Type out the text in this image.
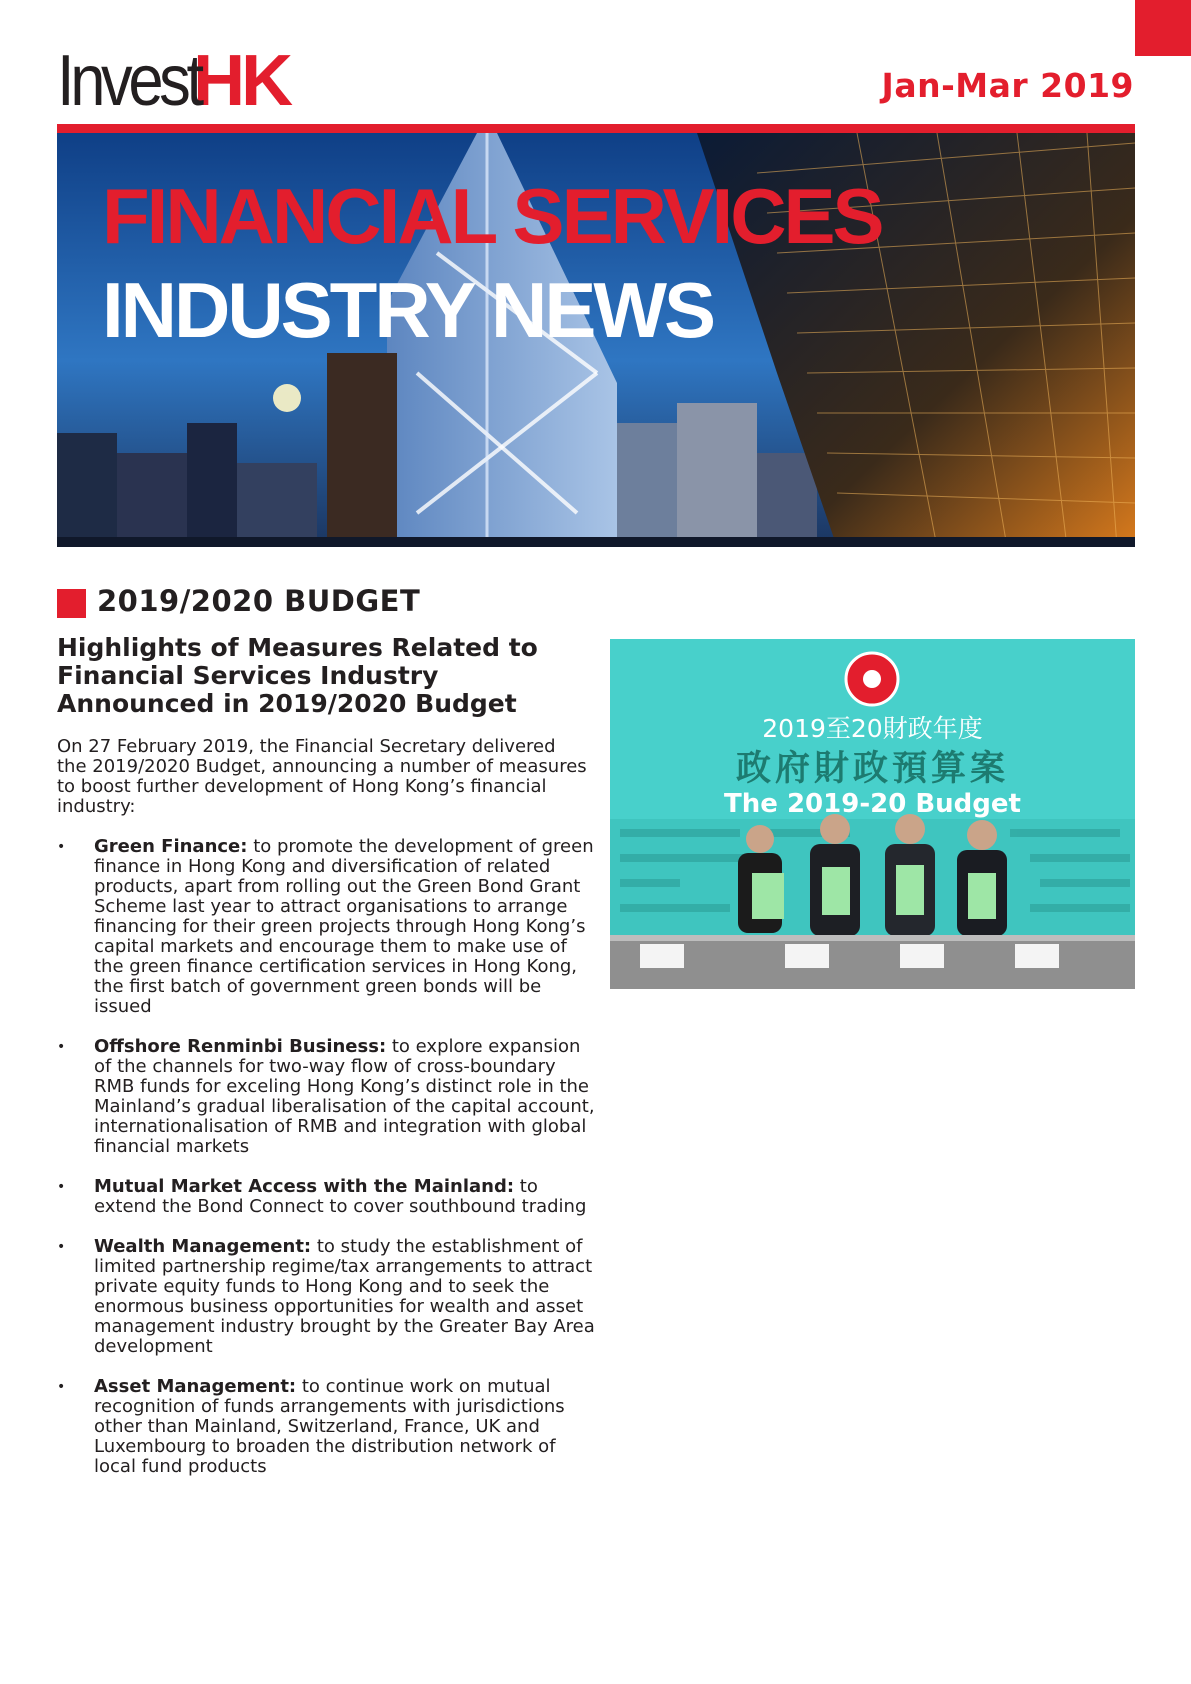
InvestHK	Jan-Mar 2019
FINANCIAL SERVICES
INDUSTRY NEWS
2019/2020 BUDGET
Highlights of Measures Related to Financial Services Industry Announced in 2019/2020 Budget
On 27 February 2019, the Financial Secretary delivered the 2019/2020 Budget, announcing a number of measures to boost further development of Hong Kong’s financial industry:
• Green Finance: to promote the development of green finance in Hong Kong and diversification of related products, apart from rolling out the Green Bond Grant Scheme last year to attract organisations to arrange financing for their green projects through Hong Kong’s capital markets and encourage them to make use of the green finance certification services in Hong Kong, the first batch of government green bonds will be issued
• Offshore Renminbi Business: to explore expansion of the channels for two-way flow of cross-boundary RMB funds for exceling Hong Kong’s distinct role in the Mainland’s gradual liberalisation of the capital account, internationalisation of RMB and integration with global financial markets
• Mutual Market Access with the Mainland: to extend the Bond Connect to cover southbound trading
• Wealth Management: to study the establishment of limited partnership regime/tax arrangements to attract private equity funds to Hong Kong and to seek the enormous business opportunities for wealth and asset management industry brought by the Greater Bay Area development
• Asset Management: to continue work on mutual recognition of funds arrangements with jurisdictions other than Mainland, Switzerland, France, UK and Luxembourg to broaden the distribution network of local fund products
2019至20財政年度
政府財政預算案
The 2019-20 Budget
